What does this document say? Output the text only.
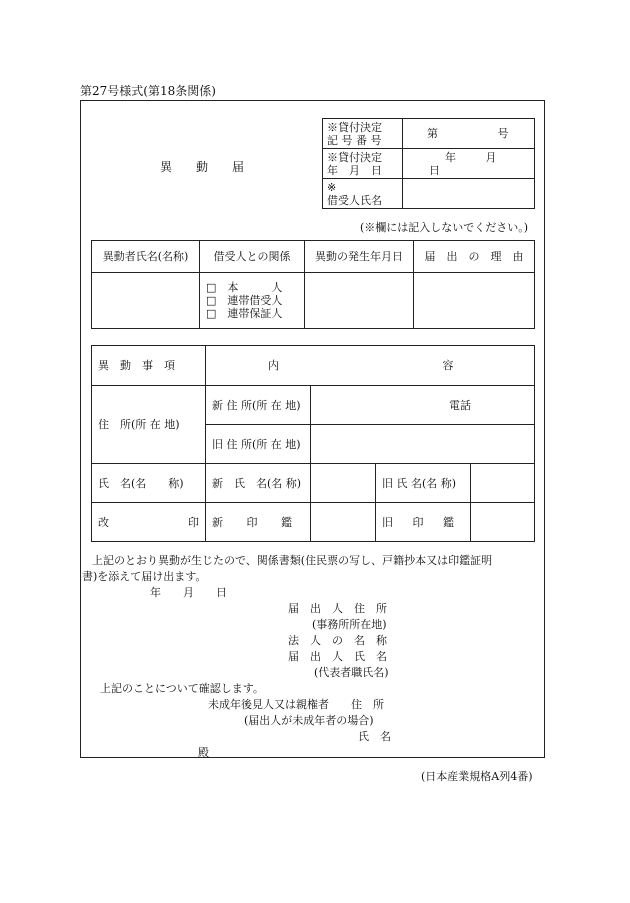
第27号様式(第18条関係)
異　　動　　届
※貸付決定
記 号 番 号	第 号

※貸付決定
年　月　日	年 月 日

※
借受人氏名	

(※欄には記入しないでください。)
異動者氏名(名称)	借受人との関係	異動の発生年月日	届　出　の　理　由

	□　本　　　人
□　連帯借受人
□　連帯保証人		

異　動　事　項	内 容			
住　所(所 在 地)	新 住 所(所 在 地)	電話		
	旧 住 所(所 在 地)			
氏　名(名　　称)	新　氏　名(名 称)		旧 氏 名(名 称)	
改 印	新 印 鑑		旧 印 鑑	
上記のとおり異動が生じたので、関係書類(住民票の写し、戸籍抄本又は印鑑証明
書)を添えて届け出ます。
年　　月　　日
届　出　人　住　所
(事務所所在地)
法　人　の　名　称
届　出　人　氏　名
(代表者職氏名)
上記のことについて確認します。
未成年後見人又は親権者　　住　所
(届出人が未成年者の場合)
氏　名
殿
(日本産業規格A列4番)
